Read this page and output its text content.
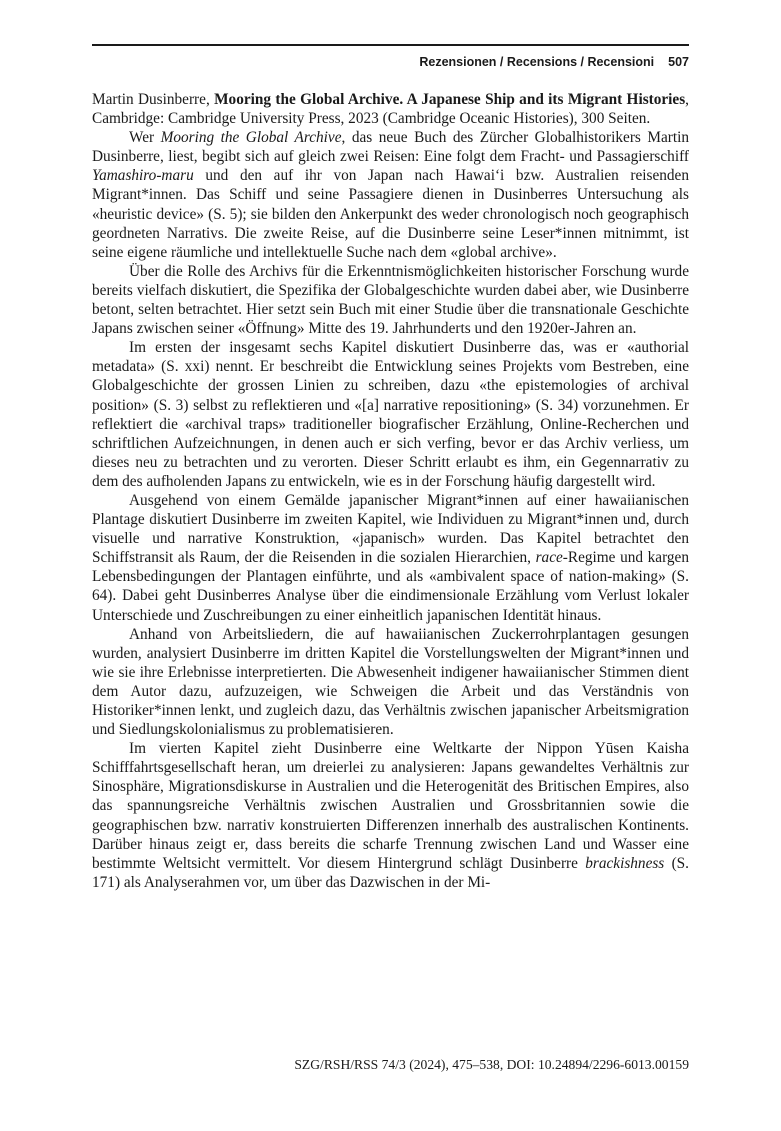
Rezensionen / Recensions / Recensioni 507

Martin Dusinberre, Mooring the Global Archive. A Japanese Ship and its Migrant Histories, Cambridge: Cambridge University Press, 2023 (Cambridge Oceanic Histories), 300 Seiten.

Wer Mooring the Global Archive, das neue Buch des Zürcher Globalhistorikers Martin Dusinberre, liest, begibt sich auf gleich zwei Reisen: Eine folgt dem Fracht- und Passagierschiff Yamashiro-maru und den auf ihr von Japan nach Hawai‘i bzw. Australien reisenden Migrant*innen. Das Schiff und seine Passagiere dienen in Dusinberres Untersuchung als «heuristic device» (S. 5); sie bilden den Ankerpunkt des weder chronologisch noch geographisch geordneten Narrativs. Die zweite Reise, auf die Dusinberre seine Leser*innen mitnimmt, ist seine eigene räumliche und intellektuelle Suche nach dem «global archive».

Über die Rolle des Archivs für die Erkenntnismöglichkeiten historischer Forschung wurde bereits vielfach diskutiert, die Spezifika der Globalgeschichte wurden dabei aber, wie Dusinberre betont, selten betrachtet. Hier setzt sein Buch mit einer Studie über die transnationale Geschichte Japans zwischen seiner «Öffnung» Mitte des 19. Jahrhunderts und den 1920er-Jahren an.

Im ersten der insgesamt sechs Kapitel diskutiert Dusinberre das, was er «authorial metadata» (S. xxi) nennt. Er beschreibt die Entwicklung seines Projekts vom Bestreben, eine Globalgeschichte der grossen Linien zu schreiben, dazu «the epistemologies of archival position» (S. 3) selbst zu reflektieren und «[a] narrative repositioning» (S. 34) vorzunehmen. Er reflektiert die «archival traps» traditioneller biografischer Erzählung, Online-Recherchen und schriftlichen Aufzeichnungen, in denen auch er sich verfing, bevor er das Archiv verliess, um dieses neu zu betrachten und zu verorten. Dieser Schritt erlaubt es ihm, ein Gegennarrativ zu dem des aufholenden Japans zu entwickeln, wie es in der Forschung häufig dargestellt wird.

Ausgehend von einem Gemälde japanischer Migrant*innen auf einer hawaiianischen Plantage diskutiert Dusinberre im zweiten Kapitel, wie Individuen zu Migrant*innen und, durch visuelle und narrative Konstruktion, «japanisch» wurden. Das Kapitel betrachtet den Schiffstransit als Raum, der die Reisenden in die sozialen Hierarchien, race-Regime und kargen Lebensbedingungen der Plantagen einführte, und als «ambivalent space of nation-making» (S. 64). Dabei geht Dusinberres Analyse über die eindimensionale Erzählung vom Verlust lokaler Unterschiede und Zuschreibungen zu einer einheitlich japanischen Identität hinaus.

Anhand von Arbeitsliedern, die auf hawaiianischen Zuckerrohrplantagen gesungen wurden, analysiert Dusinberre im dritten Kapitel die Vorstellungswelten der Migrant*innen und wie sie ihre Erlebnisse interpretierten. Die Abwesenheit indigener hawaiianischer Stimmen dient dem Autor dazu, aufzuzeigen, wie Schweigen die Arbeit und das Verständnis von Historiker*innen lenkt, und zugleich dazu, das Verhältnis zwischen japanischer Arbeitsmigration und Siedlungskolonialismus zu problematisieren.

Im vierten Kapitel zieht Dusinberre eine Weltkarte der Nippon Yūsen Kaisha Schifffahrtsgesellschaft heran, um dreierlei zu analysieren: Japans gewandeltes Verhältnis zur Sinosphäre, Migrationsdiskurse in Australien und die Heterogenität des Britischen Empires, also das spannungsreiche Verhältnis zwischen Australien und Grossbritannien sowie die geographischen bzw. narrativ konstruierten Differenzen innerhalb des australischen Kontinents. Darüber hinaus zeigt er, dass bereits die scharfe Trennung zwischen Land und Wasser eine bestimmte Weltsicht vermittelt. Vor diesem Hintergrund schlägt Dusinberre brackishness (S. 171) als Analyserahmen vor, um über das Dazwischen in der Mi-

SZG/RSH/RSS 74/3 (2024), 475–538, DOI: 10.24894/2296-6013.00159
